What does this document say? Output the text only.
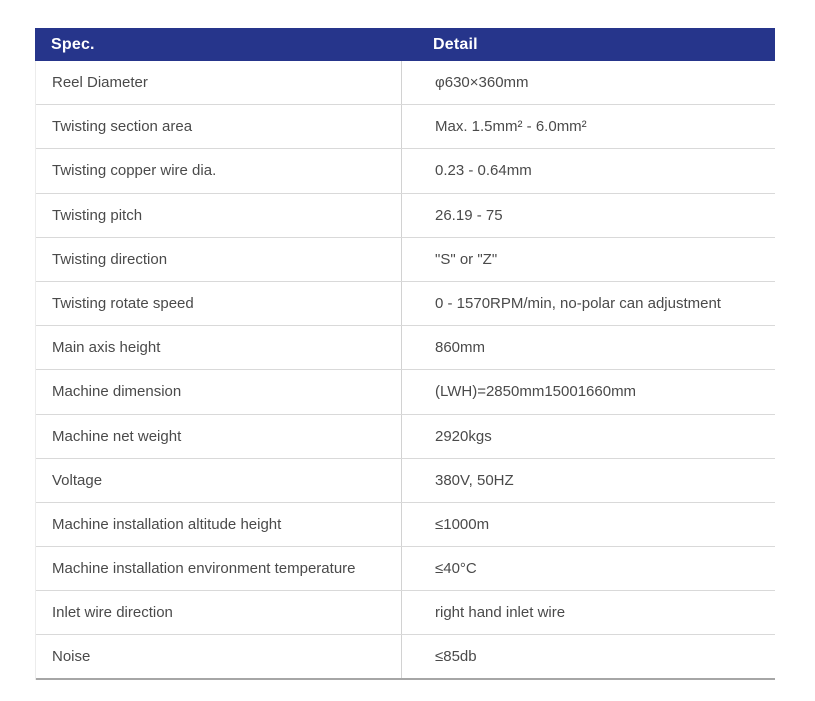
Spec.	Detail
Reel Diameter	φ630×360mm
Twisting section area	Max. 1.5mm² - 6.0mm²
Twisting copper wire dia.	0.23 - 0.64mm
Twisting pitch	26.19 - 75
Twisting direction	"S" or "Z"
Twisting rotate speed	0 - 1570RPM/min, no-polar can adjustment
Main axis height	860mm
Machine dimension	(LWH)=2850mm15001660mm
Machine net weight	2920kgs
Voltage	380V, 50HZ
Machine installation altitude height	≤1000m
Machine installation environment temperature	≤40°C
Inlet wire direction	right hand inlet wire
Noise	≤85db
